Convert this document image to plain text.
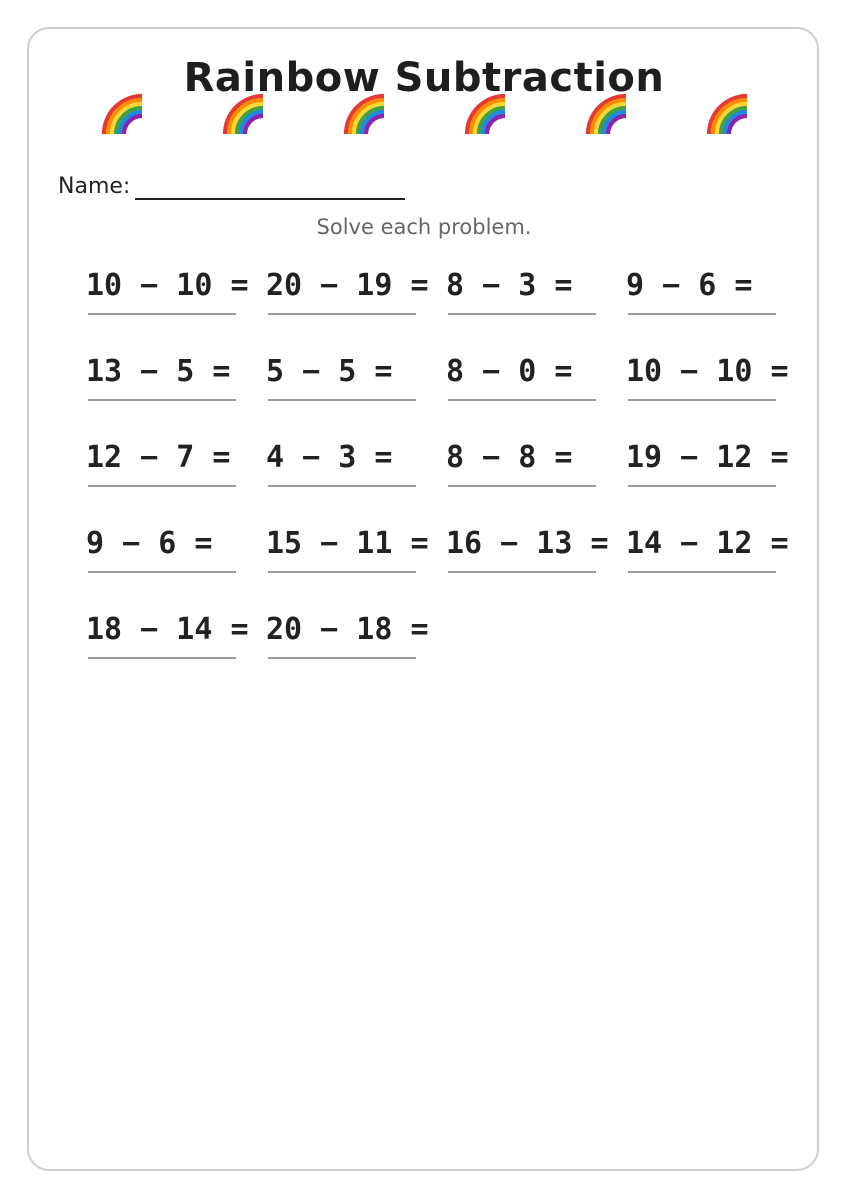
Rainbow Subtraction
Name:
Solve each problem.
10 − 10 = 20 − 19 = 8 − 3 = 9 − 6 =
13 − 5 = 5 − 5 = 8 − 0 = 10 − 10 =
12 − 7 = 4 − 3 = 8 − 8 = 19 − 12 =
9 − 6 = 15 − 11 = 16 − 13 = 14 − 12 =
18 − 14 = 20 − 18 =
